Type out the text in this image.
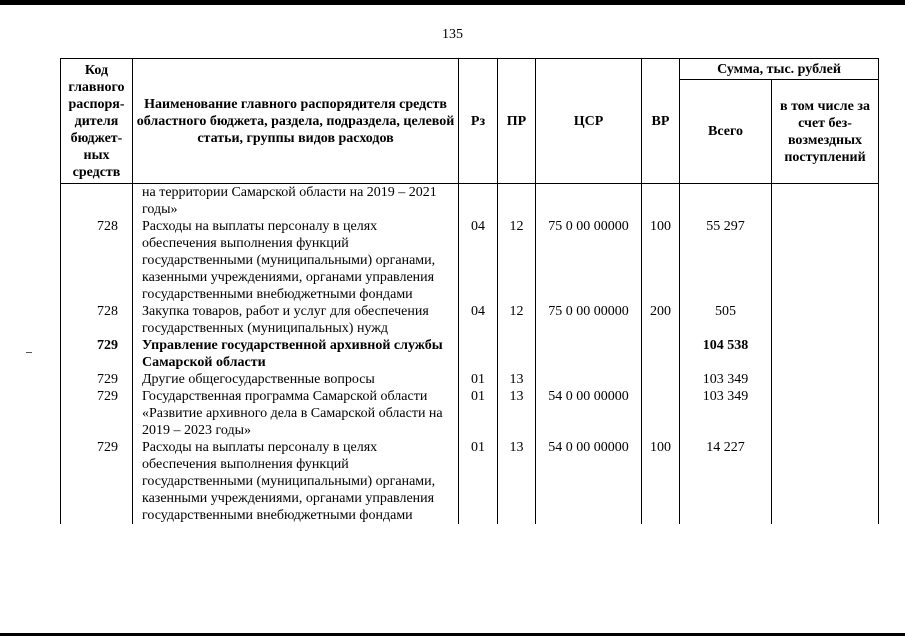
135
Код главного распоря-дителя бюджет-ных средств	Наименование главного распорядителя средств областного бюджета, раздела, подраздела, целевой статьи, группы видов расходов	Рз	ПР	ЦСР	ВР	Сумма, тыс. рублей	
						Всего	в том числе за счет без-возмездных поступлений
	на территории Самарской области на 2019 – 2021 годы»						
728	Расходы на выплаты персоналу в целях обеспечения выполнения функций государственными (муниципальными) органами, казенными учреждениями, органами управления государственными внебюджетными фондами	04	12	75 0 00 00000	100	55 297	
728	Закупка товаров, работ и услуг для обеспечения государственных (муниципальных) нужд	04	12	75 0 00 00000	200	505	
729	Управление государственной архивной службы Самарской области					104 538	
729	Другие общегосударственные вопросы	01	13			103 349	
729	Государственная программа Самарской области «Развитие архивного дела в Самарской области на 2019 – 2023 годы»	01	13	54 0 00 00000		103 349	
729	Расходы на выплаты персоналу в целях обеспечения выполнения функций государственными (муниципальными) органами, казенными учреждениями, органами управления государственными внебюджетными фондами	01	13	54 0 00 00000	100	14 227	
